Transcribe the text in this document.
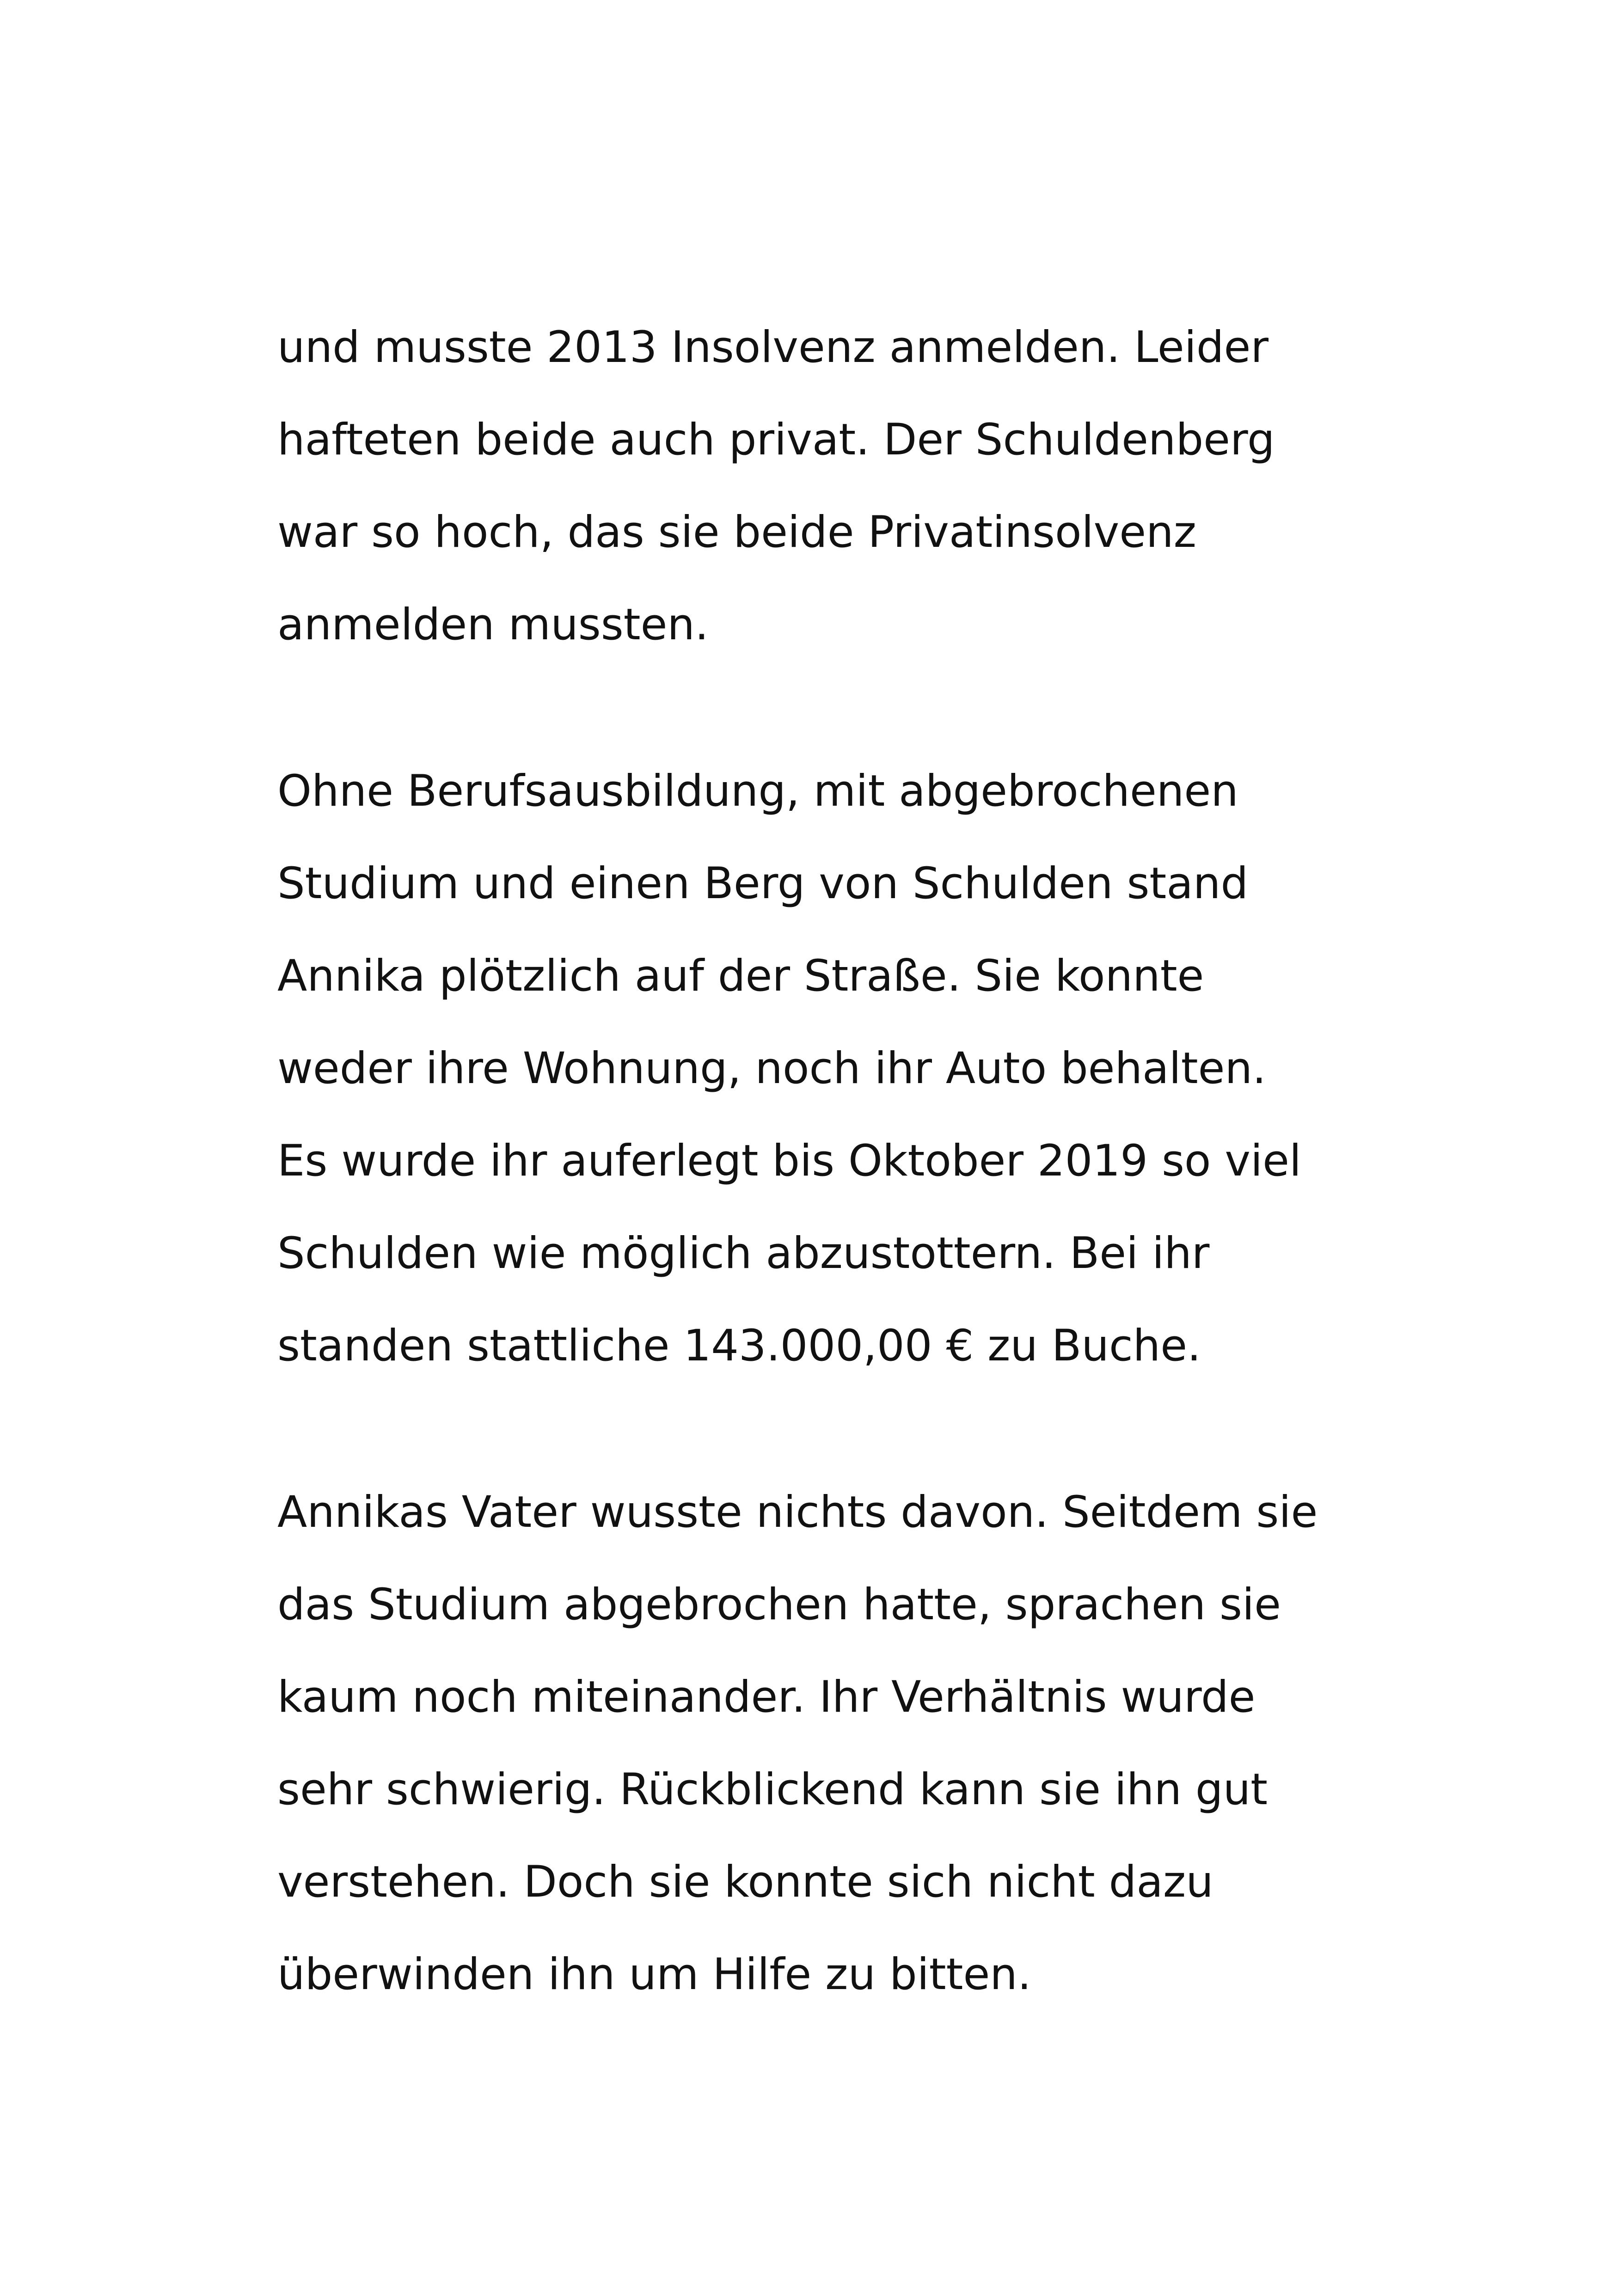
und musste 2013 Insolvenz anmelden. Leider
hafteten beide auch privat. Der Schuldenberg
war so hoch, das sie beide Privatinsolvenz
anmelden mussten.
Ohne Berufsausbildung, mit abgebrochenen
Studium und einen Berg von Schulden stand
Annika plötzlich auf der Straße. Sie konnte
weder ihre Wohnung, noch ihr Auto behalten.
Es wurde ihr auferlegt bis Oktober 2019 so viel
Schulden wie möglich abzustottern. Bei ihr
standen stattliche 143.000,00 € zu Buche.
Annikas Vater wusste nichts davon. Seitdem sie
das Studium abgebrochen hatte, sprachen sie
kaum noch miteinander. Ihr Verhältnis wurde
sehr schwierig. Rückblickend kann sie ihn gut
verstehen. Doch sie konnte sich nicht dazu
überwinden ihn um Hilfe zu bitten.
